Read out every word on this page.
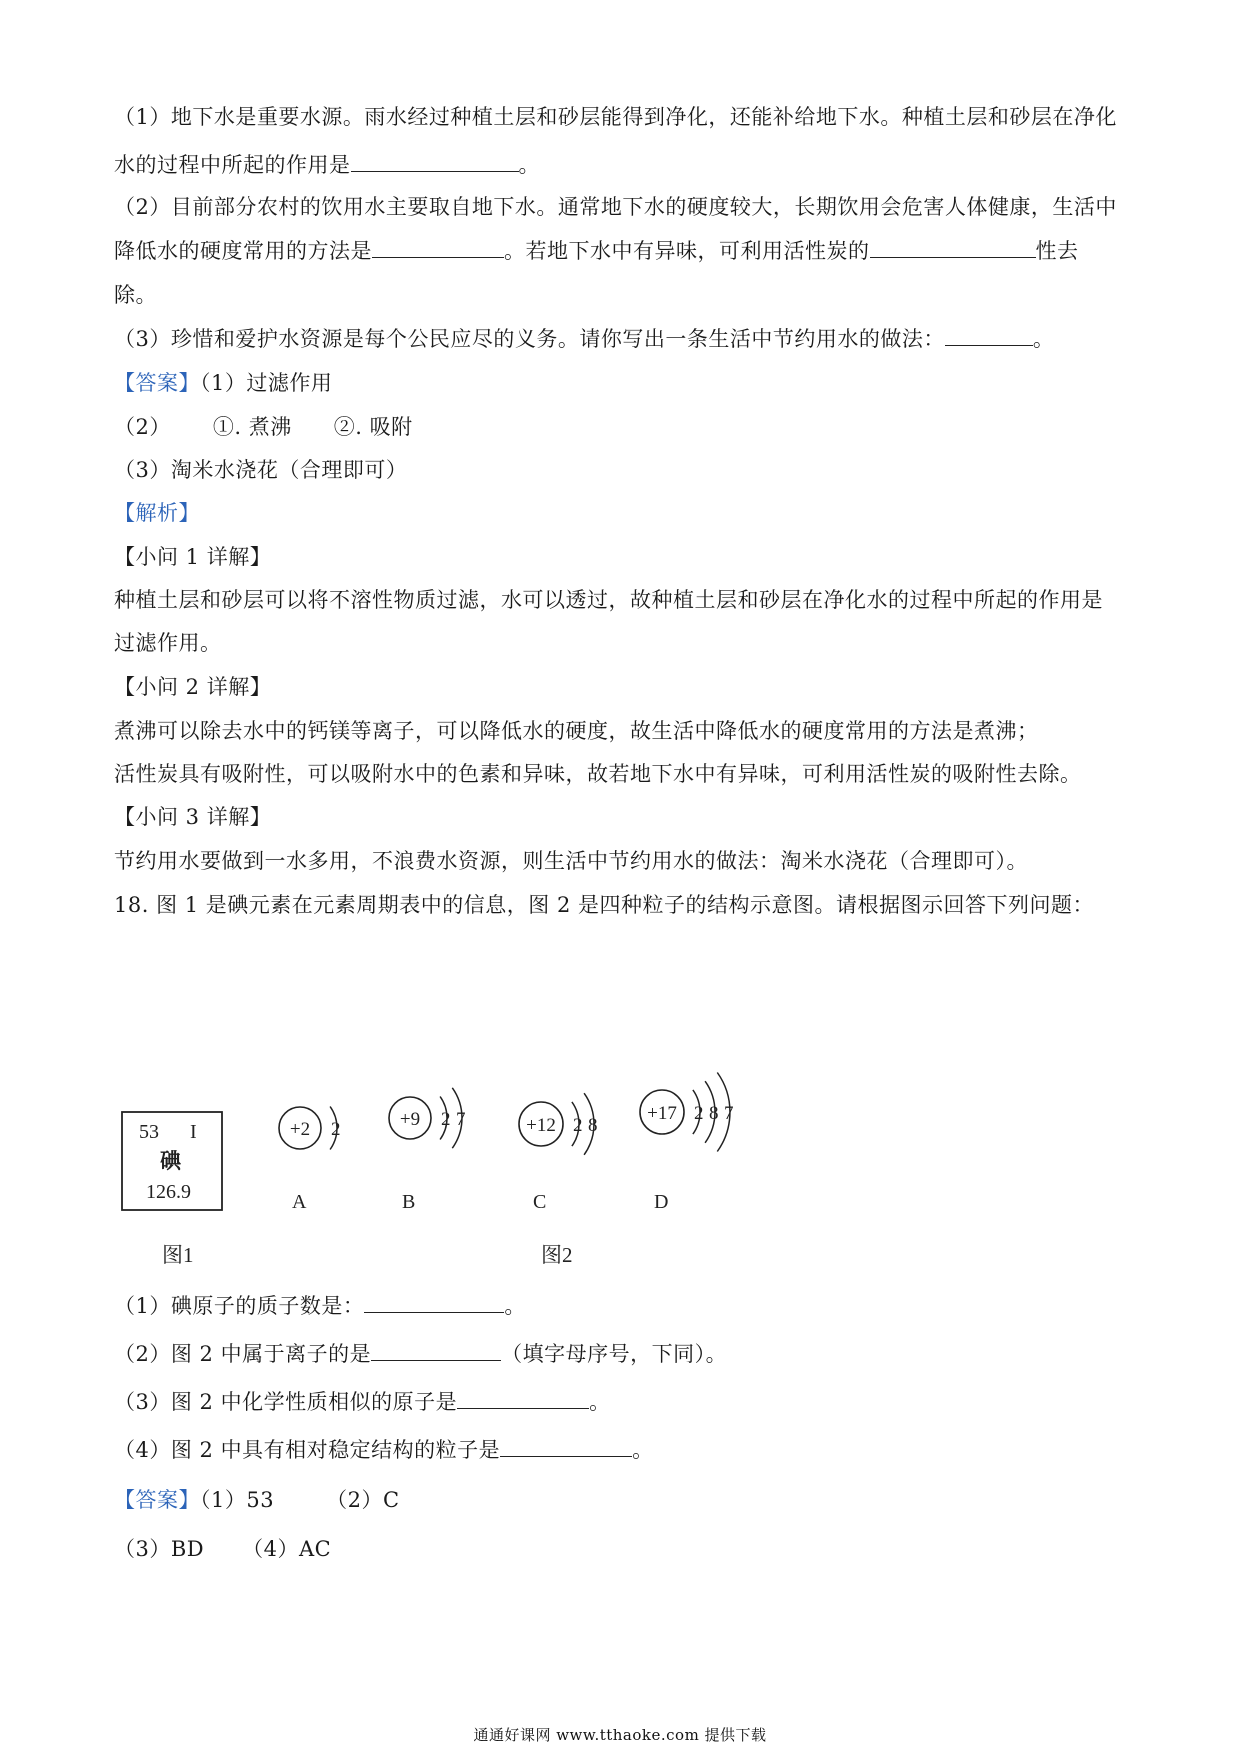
（1）地下水是重要水源。雨水经过种植土层和砂层能得到净化，还能补给地下水。种植土层和砂层在净化
水的过程中所起的作用是	。
（2）目前部分农村的饮用水主要取自地下水。通常地下水的硬度较大，长期饮用会危害人体健康，生活中
降低水的硬度常用的方法是	。若地下水中有异味，可利用活性炭的	性去
除。
（3）珍惜和爱护水资源是每个公民应尽的义务。请你写出一条生活中节约用水的做法：	。
【答案】（1）过滤作用
（2） ①. 煮沸 ②. 吸附
（3）淘米水浇花（合理即可）
【解析】
【小问 1 详解】
种植土层和砂层可以将不溶性物质过滤，水可以透过，故种植土层和砂层在净化水的过程中所起的作用是
过滤作用。
【小问 2 详解】
煮沸可以除去水中的钙镁等离子，可以降低水的硬度，故生活中降低水的硬度常用的方法是煮沸；
活性炭具有吸附性，可以吸附水中的色素和异味，故若地下水中有异味，可利用活性炭的吸附性去除。
【小问 3 详解】
节约用水要做到一水多用，不浪费水资源，则生活中节约用水的做法：淘米水浇花（合理即可）。
18. 图 1 是碘元素在元素周期表中的信息，图 2 是四种粒子的结构示意图。请根据图示回答下列问题：
53 I
碘
126.9
图1
+2 2
A
+9 2 7
B
+12 2 8
C
+17 2 8 7
D
图2
（1）碘原子的质子数是：	。
（2）图 2 中属于离子的是	（填字母序号，下同）。
（3）图 2 中化学性质相似的原子是	。
（4）图 2 中具有相对稳定结构的粒子是	。
【答案】（1）53 （2）C
（3）BD （4）AC
通通好课网 www.tthaoke.com 提供下载
